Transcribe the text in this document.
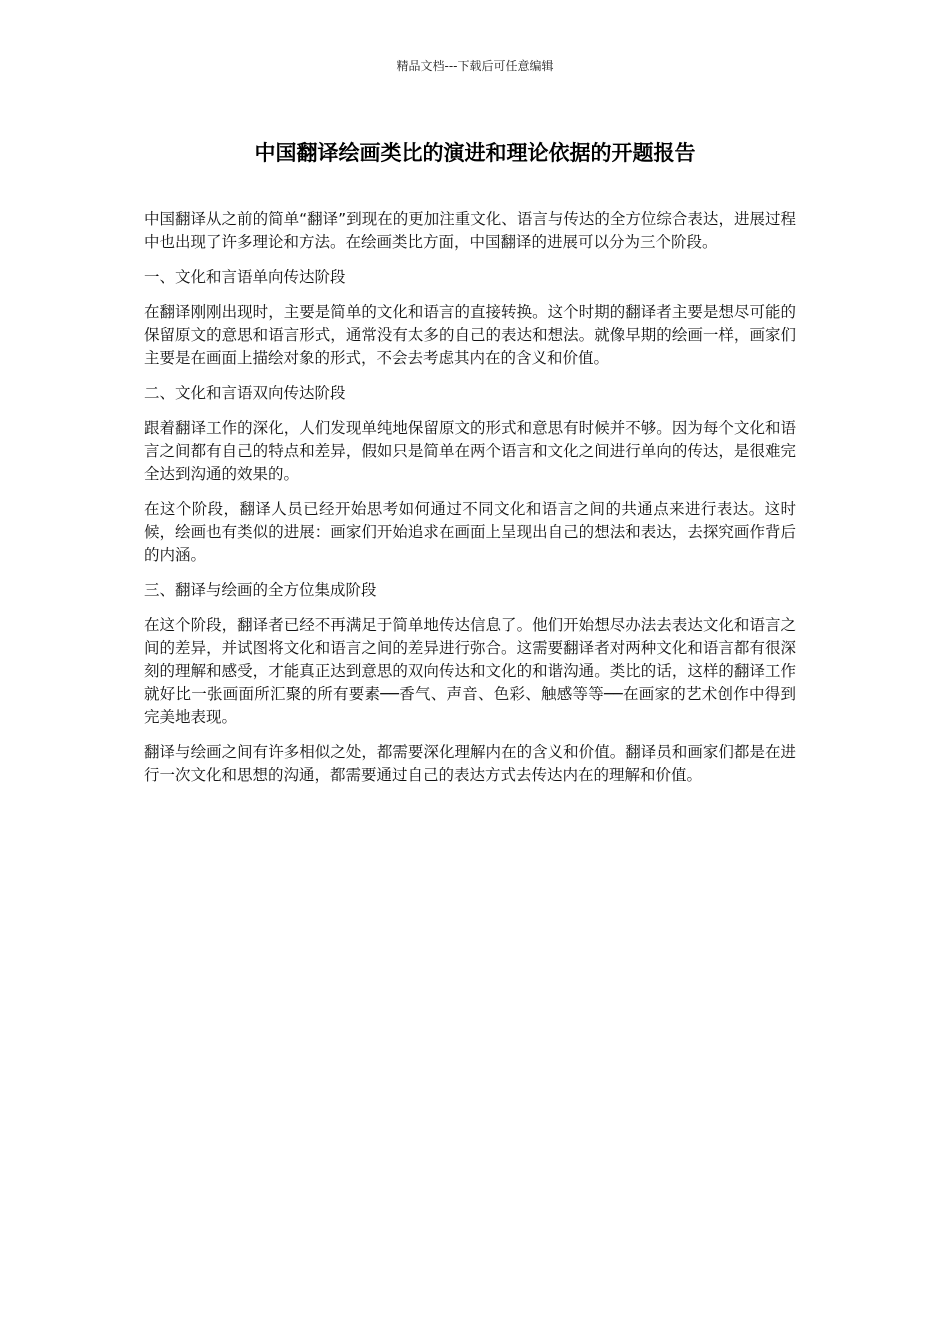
精品文档---下载后可任意编辑
中国翻译绘画类比的演进和理论依据的开题报告

中国翻译从之前的简单“翻译”到现在的更加注重文化、语言与传达的全方位综合表达，进展过程中也出现了许多理论和方法。在绘画类比方面，中国翻译的进展可以分为三个阶段。

一、文化和言语单向传达阶段

在翻译刚刚出现时，主要是简单的文化和语言的直接转换。这个时期的翻译者主要是想尽可能的保留原文的意思和语言形式，通常没有太多的自己的表达和想法。就像早期的绘画一样，画家们主要是在画面上描绘对象的形式，不会去考虑其内在的含义和价值。

二、文化和言语双向传达阶段

跟着翻译工作的深化，人们发现单纯地保留原文的形式和意思有时候并不够。因为每个文化和语言之间都有自己的特点和差异，假如只是简单在两个语言和文化之间进行单向的传达，是很难完全达到沟通的效果的。

在这个阶段，翻译人员已经开始思考如何通过不同文化和语言之间的共通点来进行表达。这时候，绘画也有类似的进展：画家们开始追求在画面上呈现出自己的想法和表达，去探究画作背后的内涵。

三、翻译与绘画的全方位集成阶段

在这个阶段，翻译者已经不再满足于简单地传达信息了。他们开始想尽办法去表达文化和语言之间的差异，并试图将文化和语言之间的差异进行弥合。这需要翻译者对两种文化和语言都有很深刻的理解和感受，才能真正达到意思的双向传达和文化的和谐沟通。类比的话，这样的翻译工作就好比一张画面所汇聚的所有要素──香气、声音、色彩、触感等等──在画家的艺术创作中得到完美地表现。

翻译与绘画之间有许多相似之处，都需要深化理解内在的含义和价值。翻译员和画家们都是在进行一次文化和思想的沟通，都需要通过自己的表达方式去传达内在的理解和价值。
